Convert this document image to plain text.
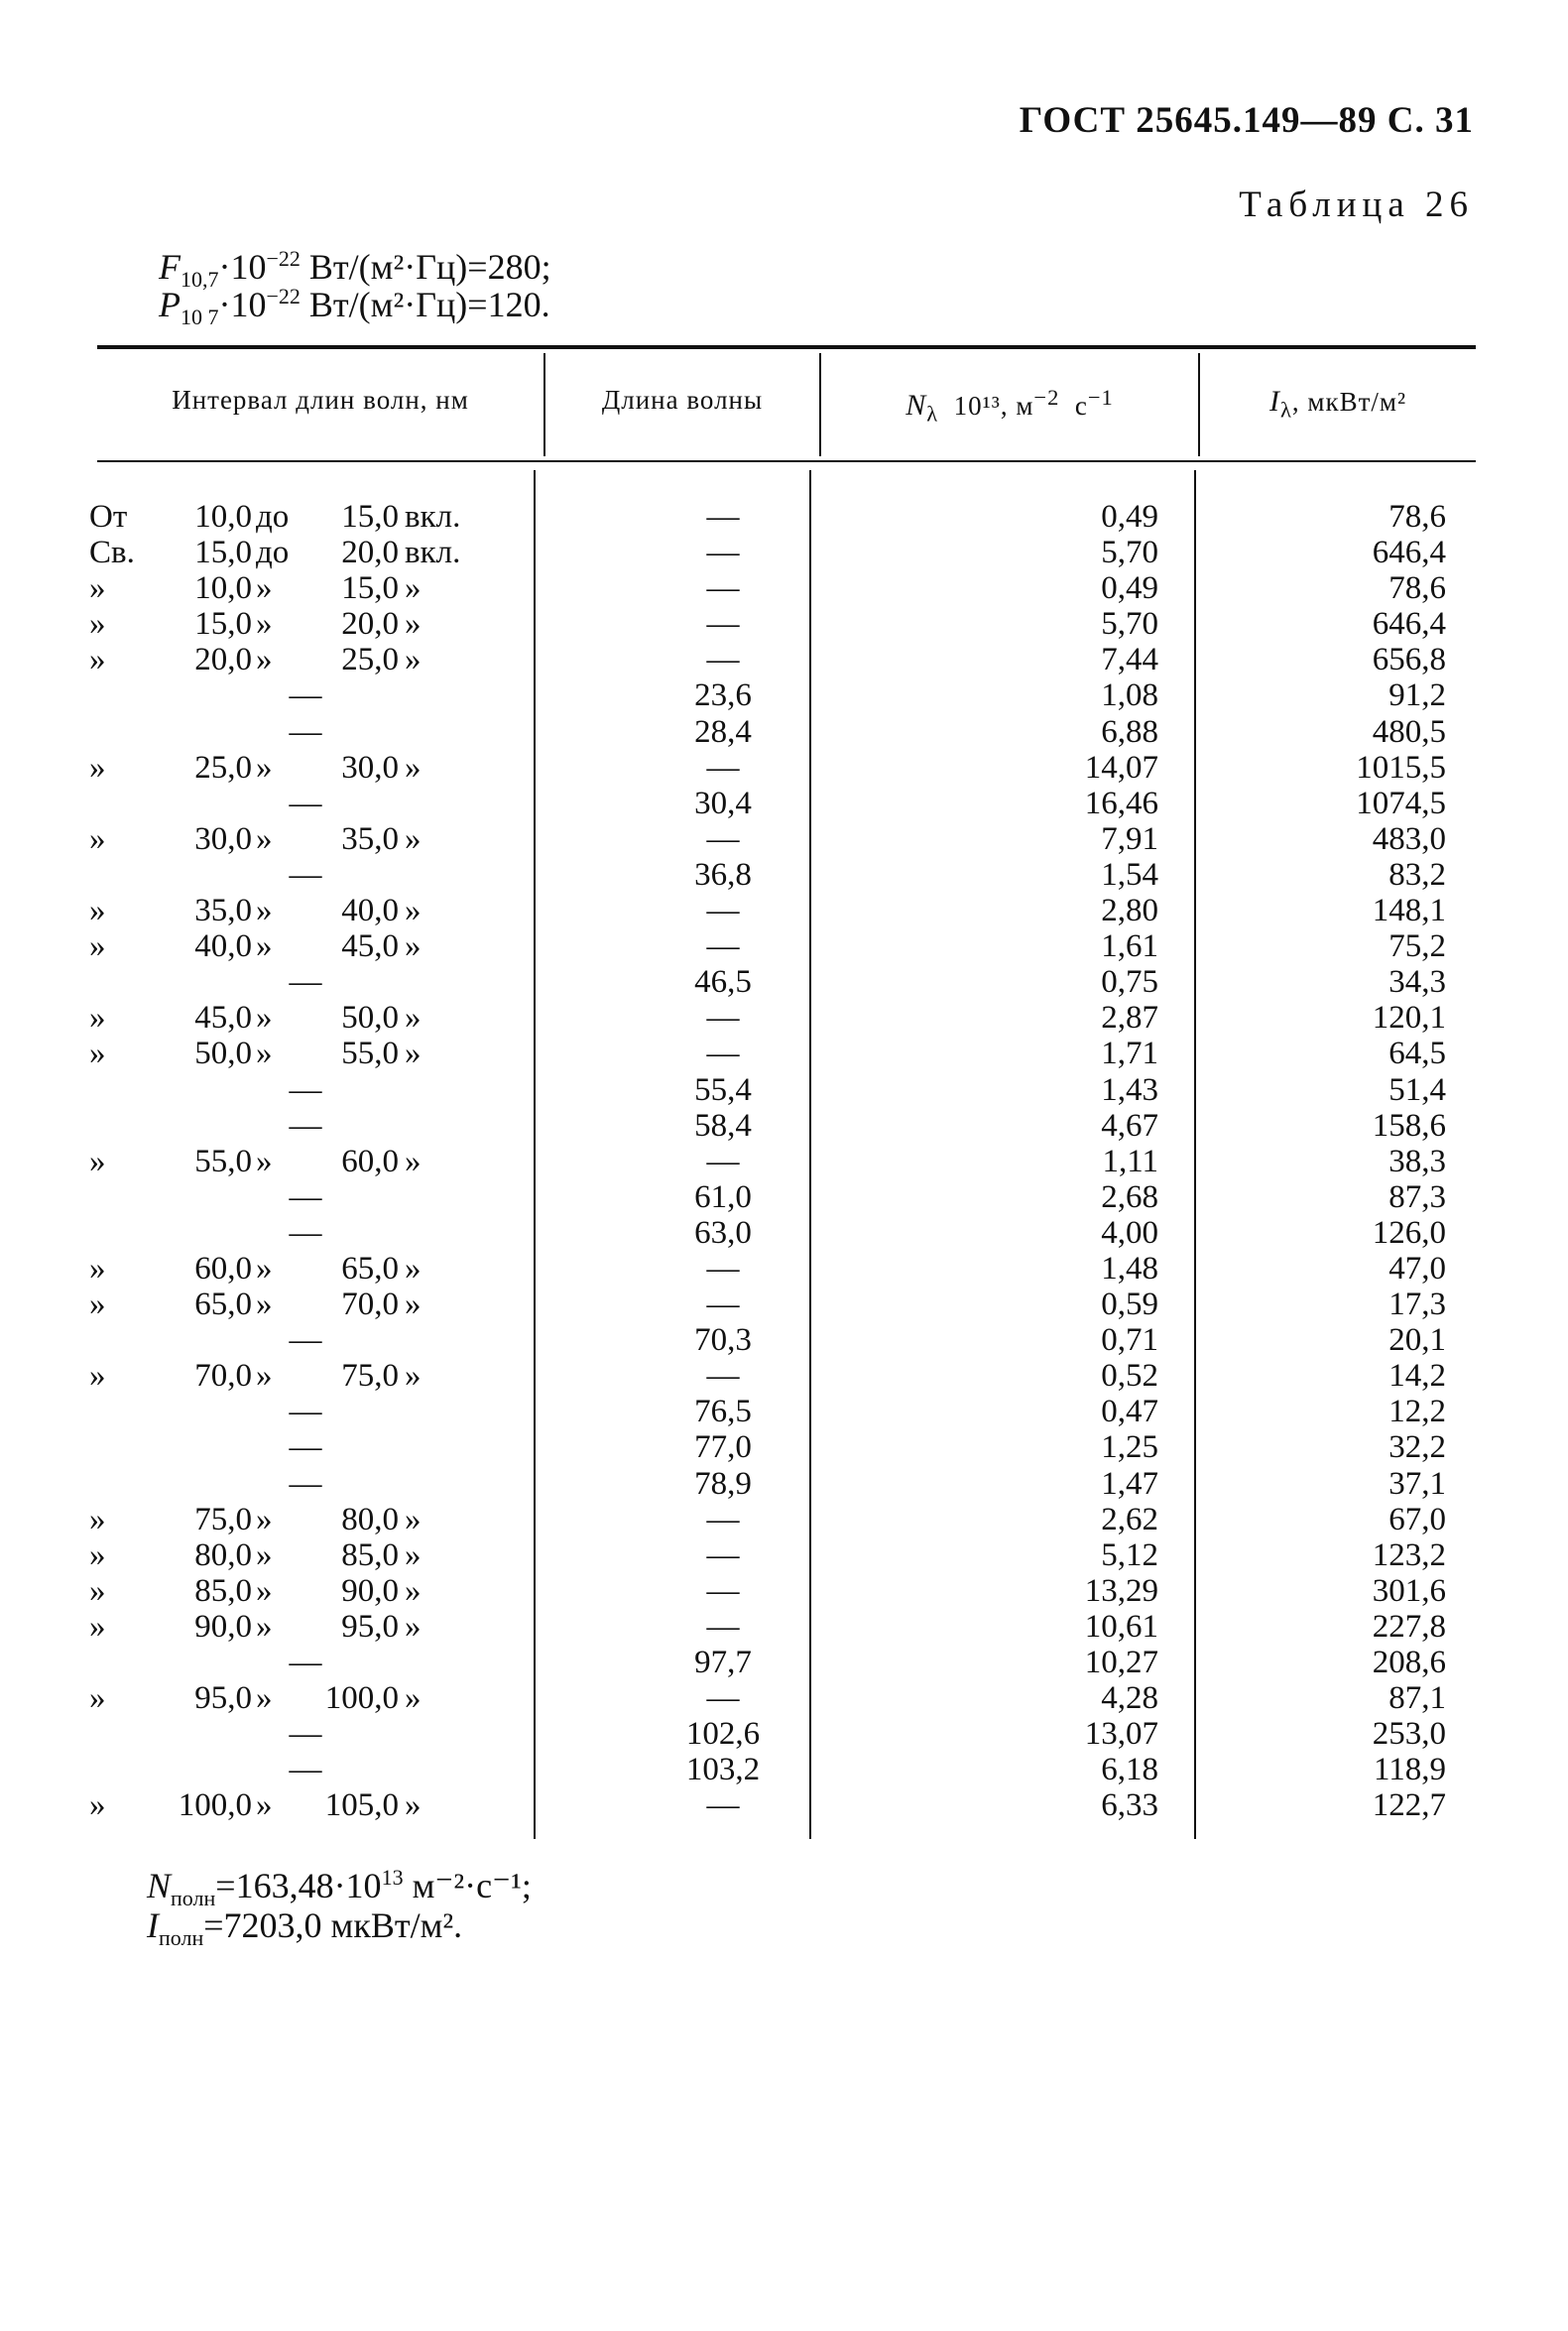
ГОСТ 25645.149—89 С. 31
Таблица 26
$F_{10,7}\cdot 10^{-22}$ Вт/(м²·Гц)=280;
$P_{10 7}\cdot 10^{-22}$ Вт/(м²·Гц)=120.
Интервал длин волн, нм	Длина волны	$N_\lambda$ 10¹³, $м^{-2}$ $с^{-1}$	$I_\lambda$, мкВт/м²
От	10,0 до	15,0 вкл.	—	0,49	78,6
Св.	15,0 до	20,0 вкл.	—	5,70	646,4
»	10,0 »	15,0 »	—	0,49	78,6
»	15,0 »	20,0 »	—	5,70	646,4
»	20,0 »	25,0 »	—	7,44	656,8
—	23,6	1,08	91,2
—	28,4	6,88	480,5
»	25,0 »	30,0 »	—	14,07	1015,5
—	30,4	16,46	1074,5
»	30,0 »	35,0 »	—	7,91	483,0
—	36,8	1,54	83,2
»	35,0 »	40,0 »	—	2,80	148,1
»	40,0 »	45,0 »	—	1,61	75,2
—	46,5	0,75	34,3
»	45,0 »	50,0 »	—	2,87	120,1
»	50,0 »	55,0 »	—	1,71	64,5
—	55,4	1,43	51,4
—	58,4	4,67	158,6
»	55,0 »	60,0 »	—	1,11	38,3
—	61,0	2,68	87,3
—	63,0	4,00	126,0
»	60,0 »	65,0 »	—	1,48	47,0
»	65,0 »	70,0 »	—	0,59	17,3
—	70,3	0,71	20,1
»	70,0 »	75,0 »	—	0,52	14,2
—	76,5	0,47	12,2
—	77,0	1,25	32,2
—	78,9	1,47	37,1
»	75,0 »	80,0 »	—	2,62	67,0
»	80,0 »	85,0 »	—	5,12	123,2
»	85,0 »	90,0 »	—	13,29	301,6
»	90,0 »	95,0 »	—	10,61	227,8
—	97,7	10,27	208,6
»	95,0 »	100,0 »	—	4,28	87,1
—	102,6	13,07	253,0
—	103,2	6,18	118,9
»	100,0 »	105,0 »	—	6,33	122,7
$N_{полн}=163,48\cdot 10^{13}$ м⁻²·с⁻¹;
$I_{полн}=7203,0$ мкВт/м².
